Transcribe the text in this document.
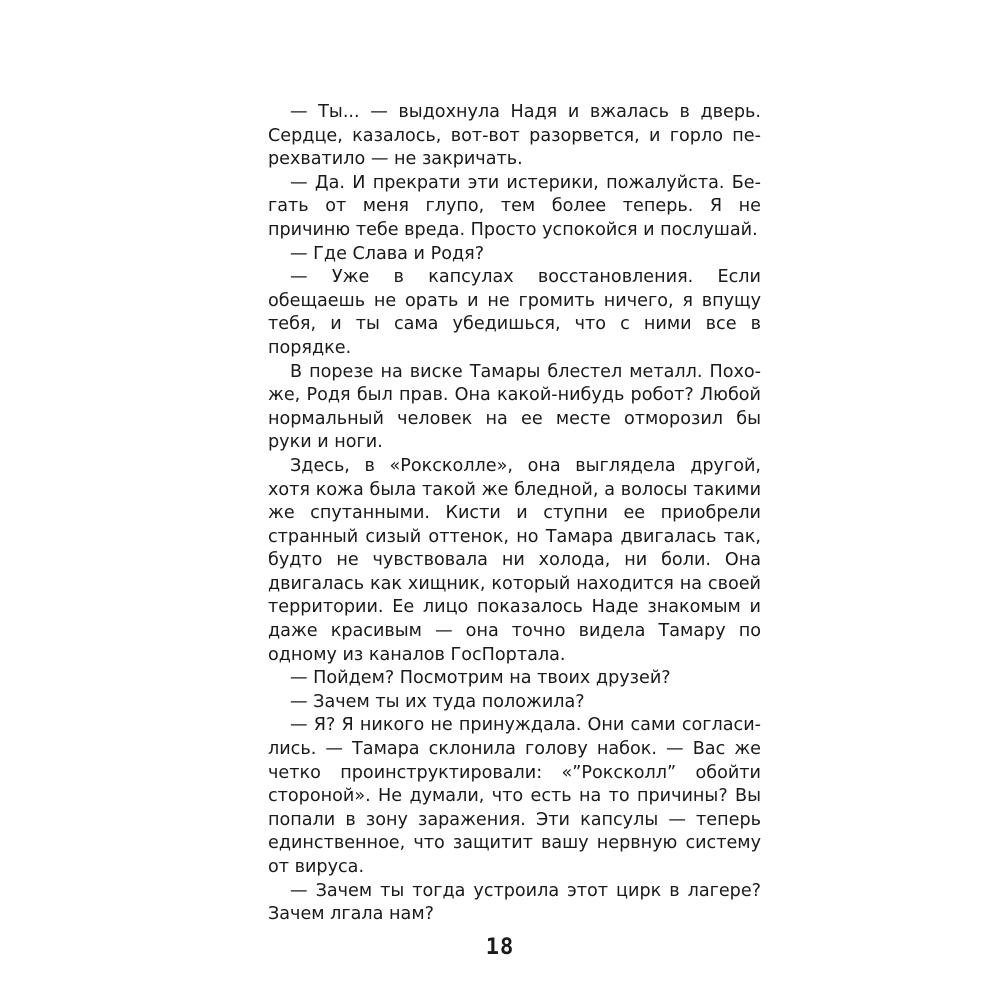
— Ты... — выдохнула Надя и вжалась в дверь. Сердце, казалось, вот-вот разорвется, и горло перехватило — не закричать.

— Да. И прекрати эти истерики, пожалуйста. Бегать от меня глупо, тем более теперь. Я не причиню тебе вреда. Просто успокойся и послушай.

— Где Слава и Родя?

— Уже в капсулах восстановления. Если обещаешь не орать и не громить ничего, я впущу тебя, и ты сама убедишься, что с ними все в порядке.

В порезе на виске Тамары блестел металл. Похоже, Родя был прав. Она какой-нибудь робот? Любой нормальный человек на ее месте отморозил бы руки и ноги.

Здесь, в «Роксколле», она выглядела другой, хотя кожа была такой же бледной, а волосы такими же спутанными. Кисти и ступни ее приобрели странный сизый оттенок, но Тамара двигалась так, будто не чувствовала ни холода, ни боли. Она двигалась как хищник, который находится на своей территории. Ее лицо показалось Наде знакомым и даже красивым — она точно видела Тамару по одному из каналов ГосПортала.

— Пойдем? Посмотрим на твоих друзей?

— Зачем ты их туда положила?

— Я? Я никого не принуждала. Они сами согласились. — Тамара склонила голову набок. — Вас же четко проинструктировали: «”Роксколл” обойти стороной». Не думали, что есть на то причины? Вы попали в зону заражения. Эти капсулы — теперь единственное, что защитит вашу нервную систему от вируса.

— Зачем ты тогда устроила этот цирк в лагере? Зачем лгала нам?

18
